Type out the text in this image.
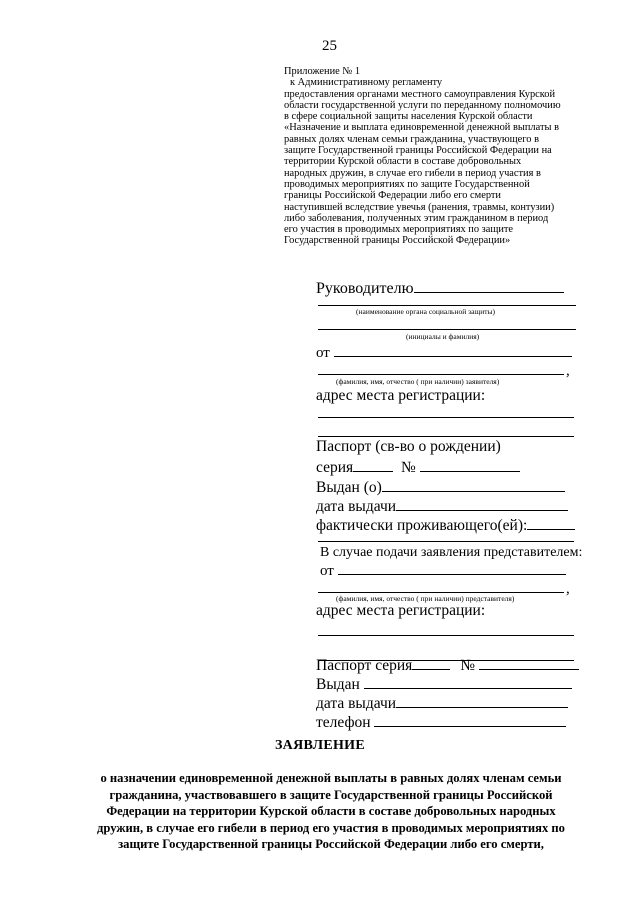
25
Приложение № 1
к Административному регламенту
предоставления органами местного самоуправления Курской
области государственной услуги по переданному полномочию
в сфере социальной защиты населения Курской области
«Назначение и выплата единовременной денежной выплаты в
равных долях членам семьи гражданина, участвующего в
защите Государственной границы Российской Федерации на
территории Курской области в составе добровольных
народных дружин, в случае его гибели в период участия в
проводимых мероприятиях по защите Государственной
границы Российской Федерации либо его смерти
наступившей вследствие увечья (ранения, травмы, контузии)
либо заболевания, полученных этим гражданином в период
его участия в проводимых мероприятиях по защите
Государственной границы Российской Федерации»
Руководителю
(наименование органа социальной защиты)
(инициалы и фамилия)
от
,
(фамилия, имя, отчество ( при наличии) заявителя)
адрес места регистрации:
Паспорт (св-во о рождении)
серия	№
Выдан (о)
дата выдачи
фактически проживающего(ей):
В случае подачи заявления представителем:
от
,
(фамилия, имя, отчество ( при наличии) представителя)
адрес места регистрации:
Паспорт серия	№
Выдан
дата выдачи
телефон
ЗАЯВЛЕНИЕ
о назначении единовременной денежной выплаты в равных долях членам семьи
гражданина, участвовавшего в защите Государственной границы Российской
Федерации на территории Курской области в составе добровольных народных
дружин, в случае его гибели в период его участия в проводимых мероприятиях по
защите Государственной границы Российской Федерации либо его смерти,
